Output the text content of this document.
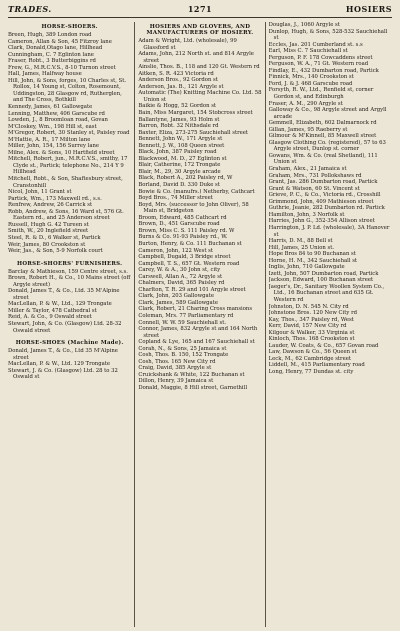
TRADES.	1271	HOSIERS
HORSE-SHOERS.
Breen, Hugh, 389 London road
Cameron, Allan & Son, 45 Fitzroy lane
Clark, Donald,Otago lane, Hillhead
Cunningham, C. 7 Eglinton lane
Fraser, Robt., 3 Butterbiggins rd
Frew, G., M.R.C.V.S., 8-10 Turnon street
Hall, James, Halfway house
Hill, John, & Sons, forges, 10 Charles st, St. Rollox, 14 Young st, Colton, Rosemount, Uddingston, 28 Glasgow rd, Rutherglen, and The Cross, Bothkill
Kennedy, James, 61 Gallowgate
Lenning, Matthew, 406 Garscube rd
Lowden, J., 8 Broomloan road, Govan
M'Closkey, Wm., 198 Hill st, east
M'Gregor, Robert, 30 Stanley st, Paisley road
M'Hattie, A. R., 17 Milton lane
Miller, John, 154, 156 Surrey lane
Milne, Alex. & Sons, 10 Hartfield street
Mitchell, Robert, jun., M.R.C.V.S., smithy, 17 Clyde st., Partick; telephone No., 214 Y 9 Hillhead
Mitchell, Robt., & Son, Shaftesbury street, Cranstonhill
Nicol, John, 11 Grant st
Partick, Wm., 173 Maxwell rd., s.s.
Renfrew, Andrew, 26 Carrick st
Robb, Andrew, & Sons, 16 Ward st, 576 Gt. Eastern rd., and 25 Anderson street
Russell, Hugh G. 42 Tureen st
Smith, W., 20 Inglefield street
Steel, R. & D., 6 Walker st, Partick
Weir, James, 80 Crookston st
Weir, Jas., & Son, 5-9 Norfolk court
HORSE-SHOERS' FURNISHERS.
Barclay & Mathieson, 159 Centre street, s.s.
Brown, Robert H., & Co., 10 Mains street (off Argyle street)
Donald, James T., & Co., Ltd. 35 M'Alpine street
MacLellan, P. & W., Ltd., 129 Trongate
Miller & Taylor, 478 Cathedral st
Reid, A. & Co., 9 Oswald street
Stewart, John, & Co. (Glasgow) Ltd. 28-32 Oswald street
HORSE-SHOES (Machine Made).
Donald, James T., & Co., Ltd 35 M'Alpine street
MacLellan, P. & W., Ltd. 129 Trongate
Stewart, J. & Co. (Glasgow) Ltd. 28 to 32 Oswald st
HOSIERS AND GLOVERS, AND MANUFACTURERS OF HOSIERY.
Adam & Wright, Ltd. (wholesale), 99 Glassford st
Adams, John, 212 North st. and 814 Argyle street
Ainslie, Thos. B., 118 and 120 Gt. Western rd
Aitken, S. R. 423 Victoria rd
Anderson Bros., 92 Gordon st
Anderson, Jas. B., 121 Argyle st
Automatic (The) Knitting Machine Co. Ltd. 58 Union st
Baikie & Hogg, 52 Gordon st
Bain, Miss Margaret, 154 Stobcross street
Ballantyne, James, 93 Holm st
Barron, Robt. 32 Nithsdale rd
Baxter, Eliza, 273-275 Sauchiehall street
Bennett, John W., 171 Argyle st
Bennett, J. W., 108 Queen street
Black, John, 387 Paisley road
Blackwood, M. D., 27 Eglinton st
Blair, Catherine, 172 Trongate
Blair, M., 29, 30 Argyle arcade
Black, Robert A., 202 Paisley rd, W
Borland, David D. 330 Duke st
Bowie & Co. (manufrs.) Netherby, Cathcart
Boyd Bros., 74 Miller street
Boyd, Mrs. (successor to John Oliver), 58 Main st, Bridgeton
Broom, Edward, 485 Cathcart rd
Brown, D., 451 Garscube road
Brown, Miss C. S. 111 Paisley rd. W
Burns & Co. 91-93 Paisley rd., W.
Burton, Henry, & Co. 111 Buchanan st
Cameron, John, 122 West st
Campbell, Dugald, 3 Bridge street
Campbell, T. S., 657 Gt. Western road
Carey, W. & A., 30 John st, city
Carswell, Allan A., 72 Argyle st
Chalmers, David, 365 Paisley rd
Charlton, T. R. 29 and 101 Argyle street
Clark, John, 203 Gallowgate
Clark, James, 589 Gallowgate
Clark, Robert, 21 Charing Cross mansions
Coleman, Mrs. 77 Parliamentary rd
Connell, W. W. 59 Sauchiehall st.
Connor, James, 832 Argyle st and 164 North street
Copland & Lye, 165 and 167 Sauchiehall st
Corah, N., & Sons, 25 Jamaica st
Cosh, Thos. B. 150, 152 Trongate
Cosh, Thos. 165 New City rd
Craig, David, 385 Argyle st
Cruickshank & White, 122 Buchanan st
Dillon, Henry, 39 Jamaica st
Donald, Maggie, 8 Hill street, Garnethill
Douglas, J., 1060 Argyle st
Dunlop, Hugh, & Sons, 528-532 Sauchiehall st
Eccles, Jas. 201 Cumberland st. s.s
Earl, Miss C. 7 Sauchiehall st
Ferguson, P. F. 178 Cowcaddens street
Ferguson, W. A., 71 Gt. Western road
Findlay, E., 432 Dumbarton road, Partick
Finnick, Mrs., 140 Crookston st
Ford, J. & J. 468 Garscube road
Forsyth, R. W., Ltd., Renfield st, corner Gordon st, and Edinburgh
Fraser, A. M., 290 Argyle st
Galloway & Co., 98 Argyle street and Argyll arcade
Gemmell, Elizabeth, 602 Dalmarnock rd
Gillan, James, 95 Raeberry st
Gilmour & M'Kinnell, 85 Maxwell street
Glasgow Clothing Co. (registered), 57 to 63 Argyle street, Dunlop st. corner
Gowans, Wm. & Co. (real Shetland), 111 Union st
Graham, Alex., 21 Jamaica st
Graham, Mrs., 731 Pollokshaws rd
Grant, Jas. 286 Dumbarton road, Partick
Grant & Watson, 60 St. Vincent st
Grieve, P. C., & Co., Victoria rd., Crosshill
Grimmond, John, 409 Mathieson street
Guthrie, Jeanie, 282 Dumbarton rd. Partick
Hamilton, John, 3 Norfolk st
Harries, John G., 352-354 Allison street
Harrington, J. P. Ld. (wholesale), 3A Hanover st
Harris, D. M., 88 Bell st
Hill, James, 25 Union st.
Hope Bros 84 to 90 Buchanan st
Horne, H. M., 342 Sauchiehall st
Inglis, John, 710 Gallowgate
Izett, John, 507 Dumbarton road, Partick
Jackson, Edward, 100 Buchanan street
Jaeger's, Dr., Sanitary Woollen System Co., Ltd., 16 Buchanan street and 635 Gt. Western rd
Johnston, D. N. 545 N. City rd
Johnstone Bros. 120 New City rd
Kay, Thos., 347 Paisley rd, West
Kerr, David, 157 New City rd
Kilgour & Walker, 33 Virginia st
Kinloch, Thos. 168 Crookston st
Lauder, W. Coats, & Co., 657 Govan road
Law, Dawson & Co., 56 Queen st
Leck, M., 62 Cambridge street
Liddell, M., 415 Parliamentary road
Long, Henry, 77 Dundas st. city
